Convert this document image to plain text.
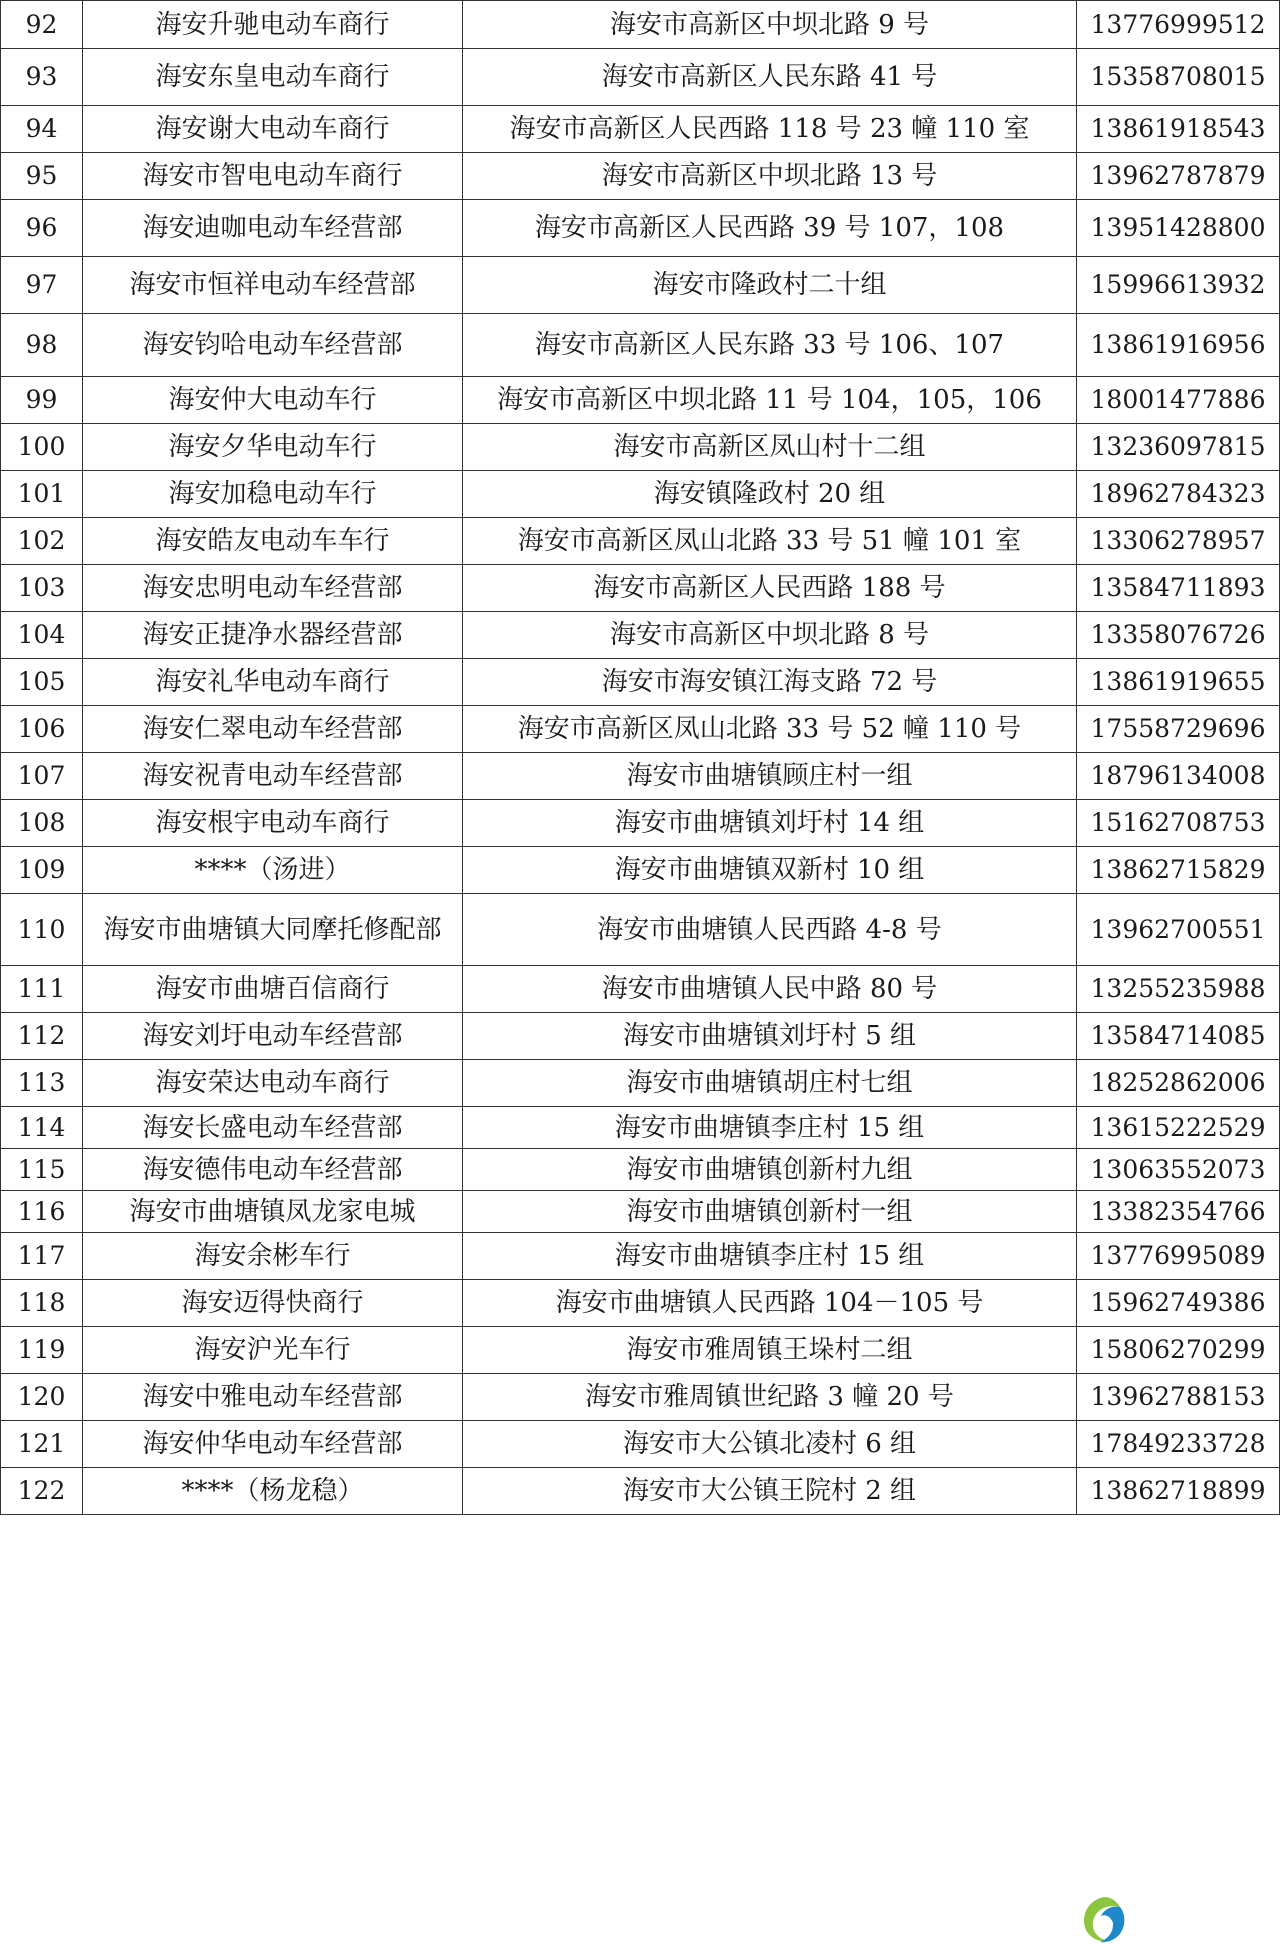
92	海安升驰电动车商行	海安市高新区中坝北路 9 号	13776999512
93	海安东皇电动车商行	海安市高新区人民东路 41 号	15358708015
94	海安谢大电动车商行	海安市高新区人民西路 118 号 23 幢 110 室	13861918543
95	海安市智电电动车商行	海安市高新区中坝北路 13 号	13962787879
96	海安迪咖电动车经营部	海安市高新区人民西路 39 号 107，108	13951428800
97	海安市恒祥电动车经营部	海安市隆政村二十组	15996613932
98	海安钧哈电动车经营部	海安市高新区人民东路 33 号 106、107	13861916956
99	海安仲大电动车行	海安市高新区中坝北路 11 号 104，105，106	18001477886
100	海安夕华电动车行	海安市高新区凤山村十二组	13236097815
101	海安加稳电动车行	海安镇隆政村 20 组	18962784323
102	海安皓友电动车车行	海安市高新区凤山北路 33 号 51 幢 101 室	13306278957
103	海安忠明电动车经营部	海安市高新区人民西路 188 号	13584711893
104	海安正捷净水器经营部	海安市高新区中坝北路 8 号	13358076726
105	海安礼华电动车商行	海安市海安镇江海支路 72 号	13861919655
106	海安仁翠电动车经营部	海安市高新区凤山北路 33 号 52 幢 110 号	17558729696
107	海安祝青电动车经营部	海安市曲塘镇顾庄村一组	18796134008
108	海安根宇电动车商行	海安市曲塘镇刘圩村 14 组	15162708753
109	****（汤进）	海安市曲塘镇双新村 10 组	13862715829
110	海安市曲塘镇大同摩托修配部	海安市曲塘镇人民西路 4-8 号	13962700551
111	海安市曲塘百信商行	海安市曲塘镇人民中路 80 号	13255235988
112	海安刘圩电动车经营部	海安市曲塘镇刘圩村 5 组	13584714085
113	海安荣达电动车商行	海安市曲塘镇胡庄村七组	18252862006
114	海安长盛电动车经营部	海安市曲塘镇李庄村 15 组	13615222529
115	海安德伟电动车经营部	海安市曲塘镇创新村九组	13063552073
116	海安市曲塘镇凤龙家电城	海安市曲塘镇创新村一组	13382354766
117	海安余彬车行	海安市曲塘镇李庄村 15 组	13776995089
118	海安迈得快商行	海安市曲塘镇人民西路 104－105 号	15962749386
119	海安沪光车行	海安市雅周镇王垛村二组	15806270299
120	海安中雅电动车经营部	海安市雅周镇世纪路 3 幢 20 号	13962788153
121	海安仲华电动车经营部	海安市大公镇北凌村 6 组	17849233728
122	****（杨龙稳）	海安市大公镇王院村 2 组	13862718899
